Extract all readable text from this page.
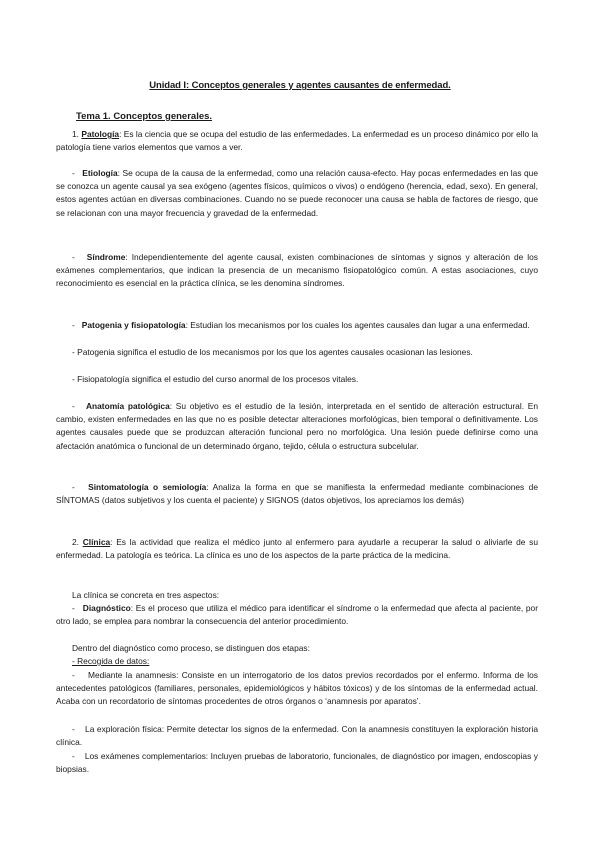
Unidad I: Conceptos generales y agentes causantes de enfermedad.
Tema 1. Conceptos generales.
1. Patología: Es la ciencia que se ocupa del estudio de las enfermedades. La enfermedad es un proceso dinámico por ello la patología tiene varios elementos que vamos a ver.
-   Etiología: Se ocupa de la causa de la enfermedad, como una relación causa-efecto. Hay pocas enfermedades en las que se conozca un agente causal ya sea exógeno (agentes físicos, químicos o vivos) o endógeno (herencia, edad, sexo). En general, estos agentes actúan en diversas combinaciones. Cuando no se puede reconocer una causa se habla de factores de riesgo, que se relacionan con una mayor frecuencia y gravedad de la enfermedad.
-   Síndrome: Independientemente del agente causal, existen combinaciones de síntomas y signos y alteración de los exámenes complementarios, que indican la presencia de un mecanismo fisiopatológico común. A estas asociaciones, cuyo reconocimiento es esencial en la práctica clínica, se les denomina síndromes.
-   Patogenia y fisiopatología: Estudian los mecanismos por los cuales los agentes causales dan lugar a una enfermedad.
- Patogenia significa el estudio de los mecanismos por los que los agentes causales ocasionan las lesiones.
- Fisiopatología significa el estudio del curso anormal de los procesos vitales.
-   Anatomía patológica: Su objetivo es el estudio de la lesión, interpretada en el sentido de alteración estructural. En cambio, existen enfermedades en las que no es posible detectar alteraciones morfológicas, bien temporal o definitivamente. Los agentes causales puede que se produzcan alteración funcional pero no morfológica. Una lesión puede definirse como una afectación anatómica o funcional de un determinado órgano, tejido, célula o estructura subcelular.
-   Sintomatología o semiología: Analiza la forma en que se manifiesta la enfermedad mediante combinaciones de SÍNTOMAS (datos subjetivos y los cuenta el paciente) y SIGNOS (datos objetivos, los apreciamos los demás)
2. Clínica: Es la actividad que realiza el médico junto al enfermero para ayudarle a recuperar la salud o aliviarle de su enfermedad. La patología es teórica. La clínica es uno de los aspectos de la parte práctica de la medicina.
La clínica se concreta en tres aspectos:
-   Diagnóstico: Es el proceso que utiliza el médico para identificar el síndrome o la enfermedad que afecta al paciente, por otro lado, se emplea para nombrar la consecuencia del anterior procedimiento.
Dentro del diagnóstico como proceso, se distinguen dos etapas:
- Recogida de datos:
-    Mediante la anamnesis: Consiste en un interrogatorio de los datos previos recordados por el enfermo. Informa de los antecedentes patológicos (familiares, personales, epidemiológicos y hábitos tóxicos) y de los síntomas de la enfermedad actual. Acaba con un recordatorio de síntomas procedentes de otros órganos o ‘anamnesis por aparatos’.
-    La exploración física: Permite detectar los signos de la enfermedad. Con la anamnesis constituyen la exploración historia clínica.
-    Los exámenes complementarios: Incluyen pruebas de laboratorio, funcionales, de diagnóstico por imagen, endoscopias y biopsias.
